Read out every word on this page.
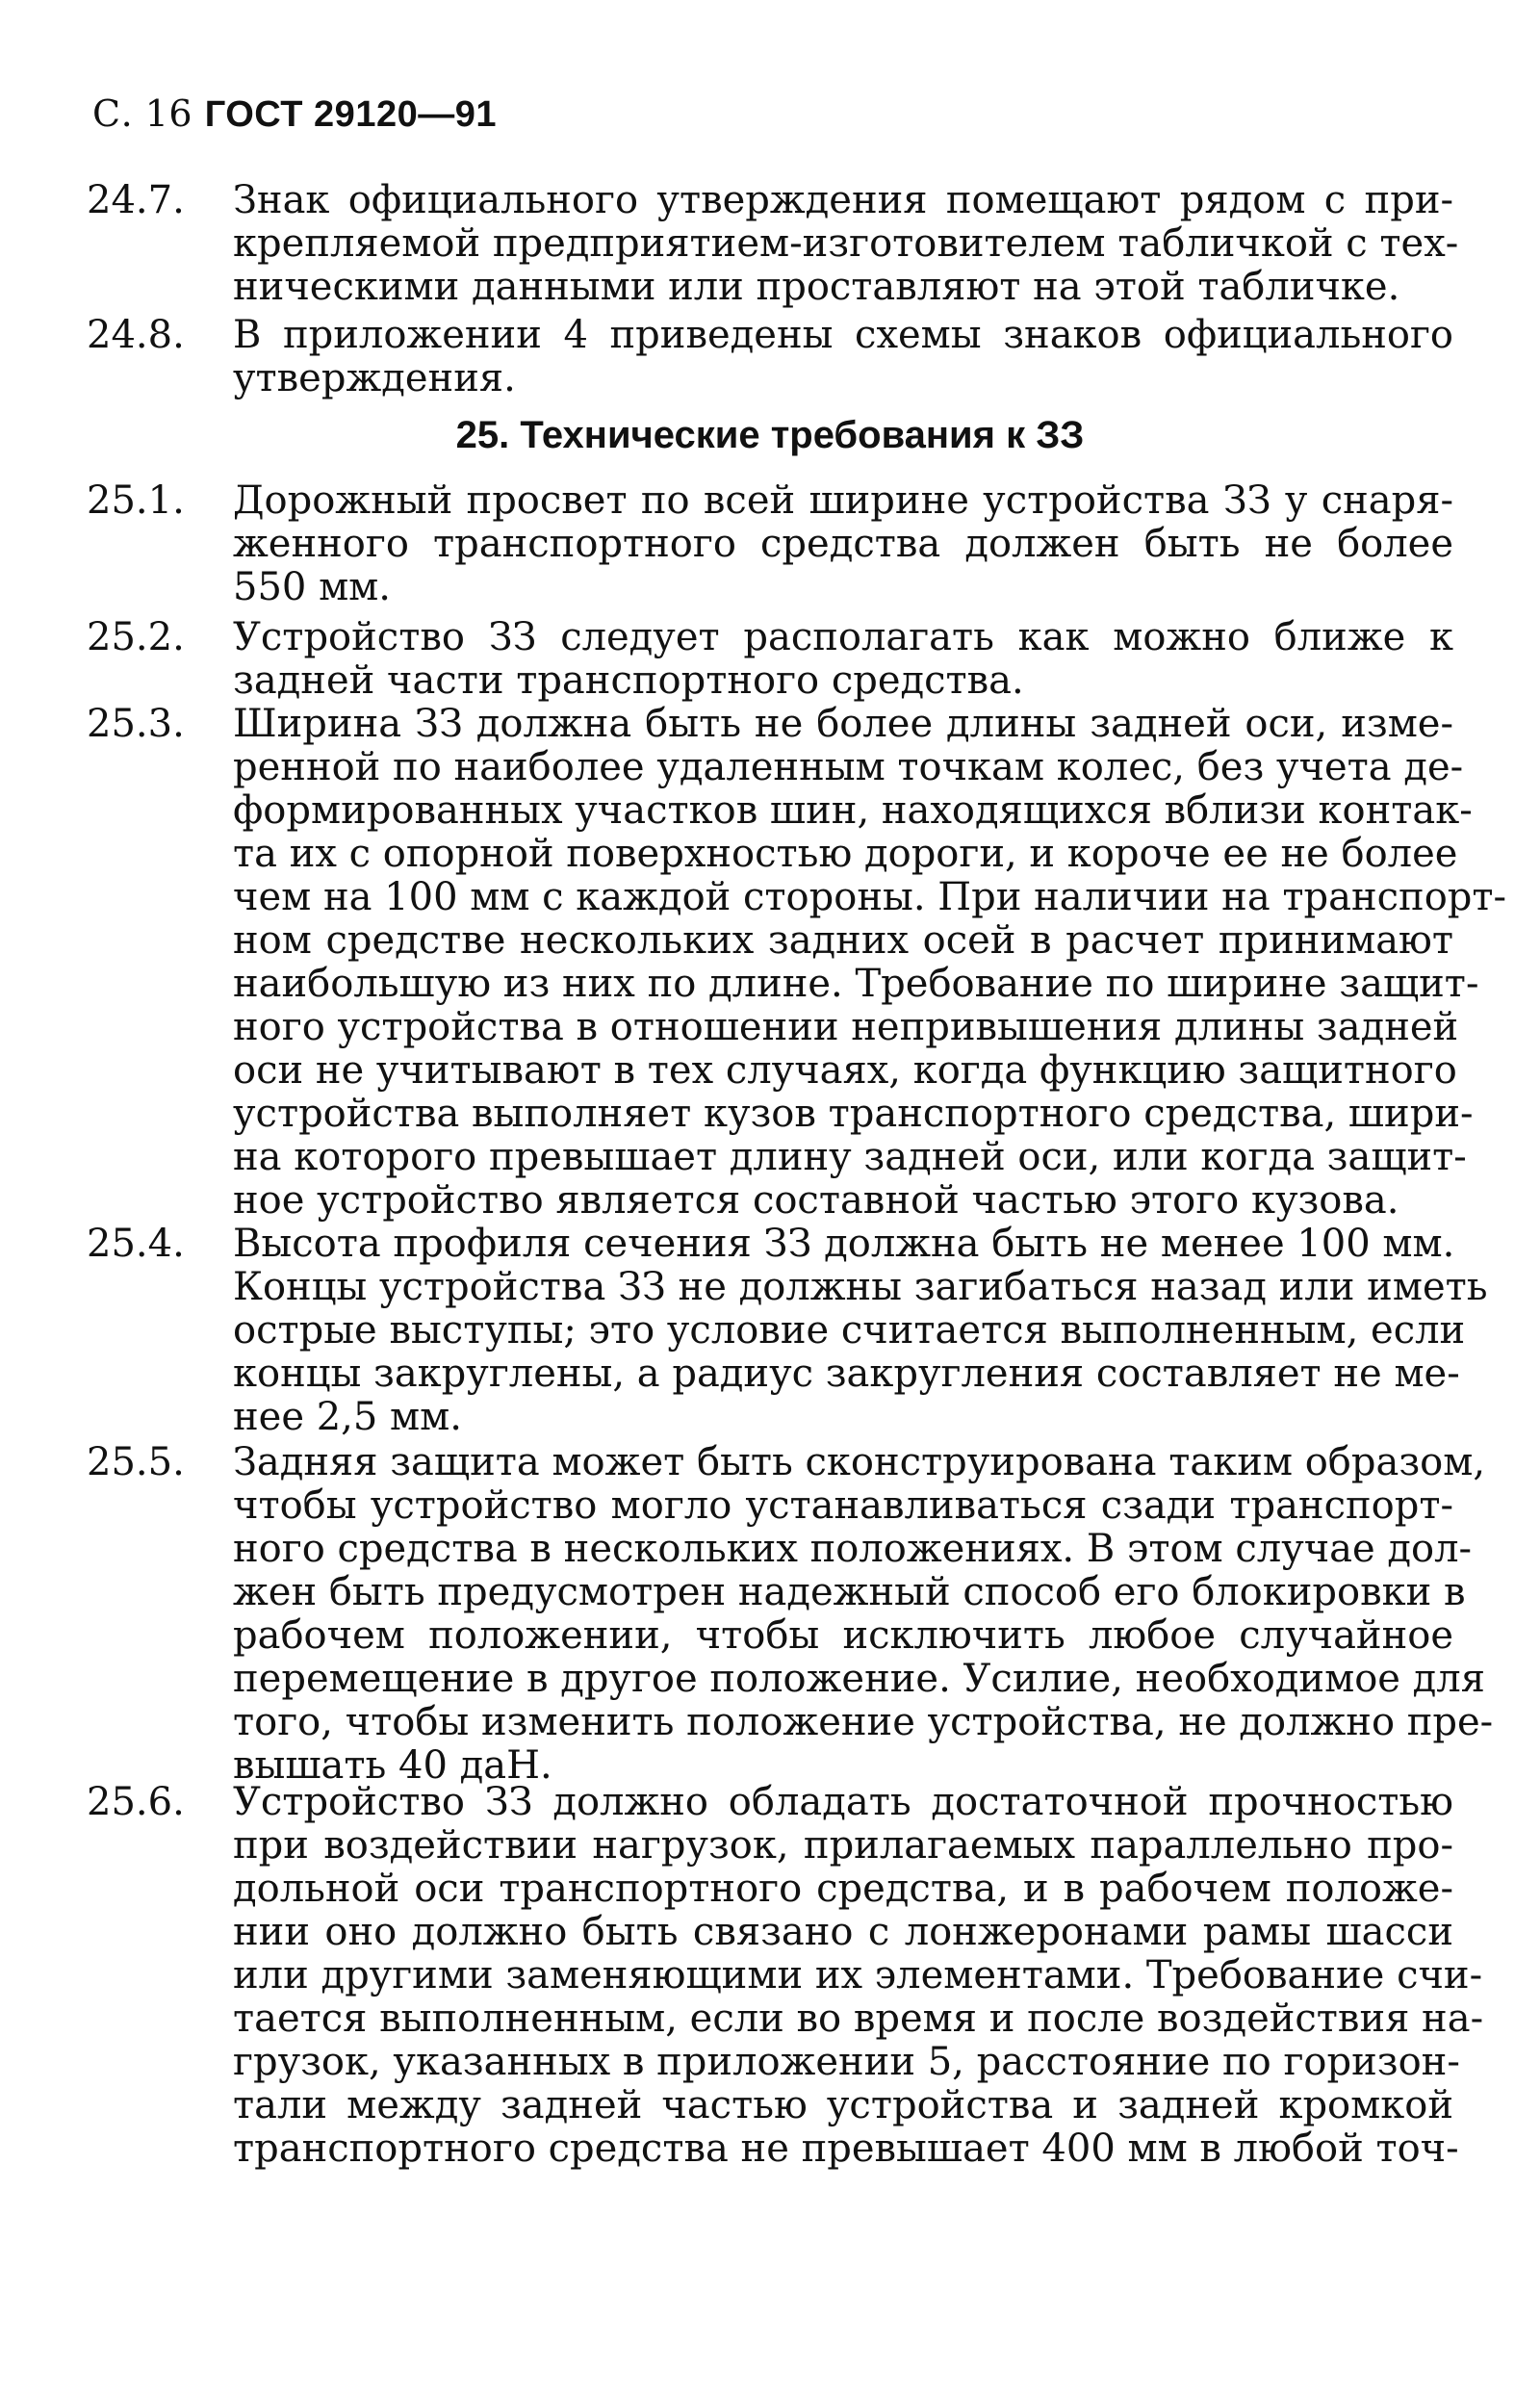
С. 16 ГОСТ 29120—91
24.7.	Знак официального утверждения помещают рядом с при-
крепляемой предприятием-изготовителем табличкой с тех-
ническими данными или проставляют на этой табличке.
24.8.	В приложении 4 приведены схемы знаков официального
утверждения.
25. Технические требования к ЗЗ
25.1.	Дорожный просвет по всей ширине устройства ЗЗ у снаря-
женного транспортного средства должен быть не более
550 мм.
25.2.	Устройство ЗЗ следует располагать как можно ближе к
задней части транспортного средства.
25.3.	Ширина ЗЗ должна быть не более длины задней оси, изме-
ренной по наиболее удаленным точкам колес, без учета де-
формированных участков шин, находящихся вблизи контак-
та их с опорной поверхностью дороги, и короче ее не более
чем на 100 мм с каждой стороны. При наличии на транспорт-
ном средстве нескольких задних осей в расчет принимают
наибольшую из них по длине. Требование по ширине защит-
ного устройства в отношении непривышения длины задней
оси не учитывают в тех случаях, когда функцию защитного
устройства выполняет кузов транспортного средства, шири-
на которого превышает длину задней оси, или когда защит-
ное устройство является составной частью этого кузова.
25.4.	Высота профиля сечения ЗЗ должна быть не менее 100 мм.
Концы устройства ЗЗ не должны загибаться назад или иметь
острые выступы; это условие считается выполненным, если
концы закруглены, а радиус закругления составляет не ме-
нее 2,5 мм.
25.5.	Задняя защита может быть сконструирована таким образом,
чтобы устройство могло устанавливаться сзади транспорт-
ного средства в нескольких положениях. В этом случае дол-
жен быть предусмотрен надежный способ его блокировки в
рабочем положении, чтобы исключить любое случайное
перемещение в другое положение. Усилие, необходимое для
того, чтобы изменить положение устройства, не должно пре-
вышать 40 даН.
25.6.	Устройство ЗЗ должно обладать достаточной прочностью
при воздействии нагрузок, прилагаемых параллельно про-
дольной оси транспортного средства, и в рабочем положе-
нии оно должно быть связано с лонжеронами рамы шасси
или другими заменяющими их элементами. Требование счи-
тается выполненным, если во время и после воздействия на-
грузок, указанных в приложении 5, расстояние по горизон-
тали между задней частью устройства и задней кромкой
транспортного средства не превышает 400 мм в любой точ-
